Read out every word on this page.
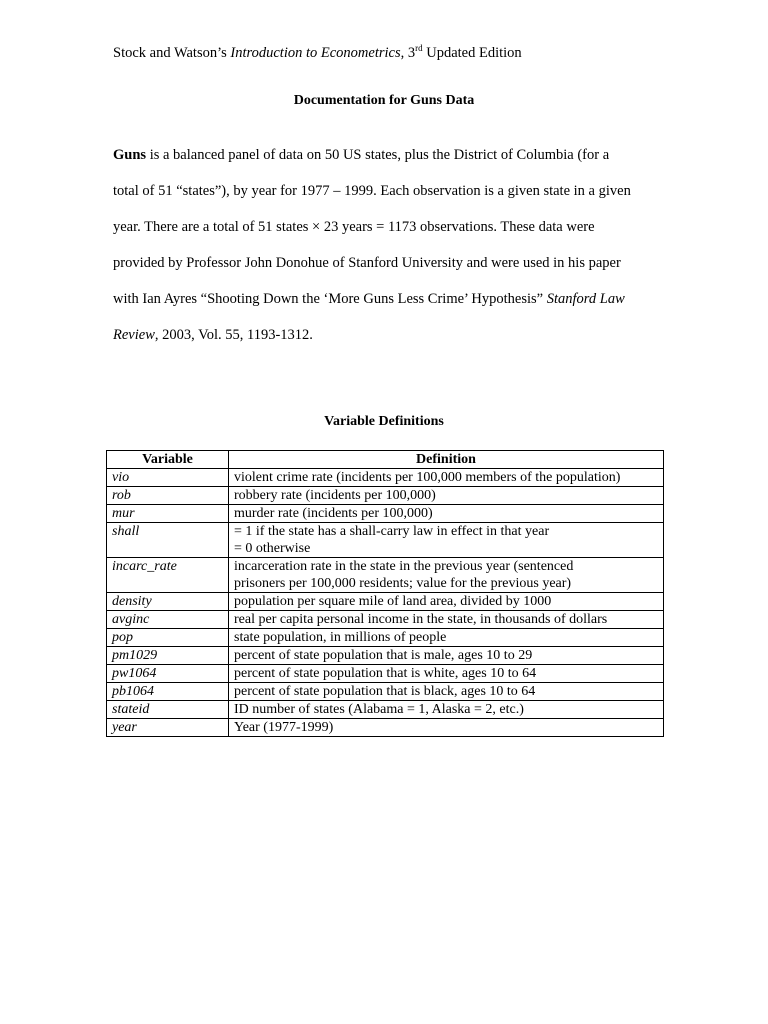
Stock and Watson’s Introduction to Econometrics, 3rd Updated Edition
Documentation for Guns Data
Guns is a balanced panel of data on 50 US states, plus the District of Columbia (for a
total of 51 “states”), by year for 1977 – 1999. Each observation is a given state in a given
year. There are a total of 51 states × 23 years = 1173 observations. These data were
provided by Professor John Donohue of Stanford University and were used in his paper
with Ian Ayres “Shooting Down the ‘More Guns Less Crime’ Hypothesis” Stanford Law
Review, 2003, Vol. 55, 1193-1312.
Variable Definitions
Variable	Definition
vio	violent crime rate (incidents per 100,000 members of the population)

rob	robbery rate (incidents per 100,000)

mur	murder rate (incidents per 100,000)

shall	= 1 if the state has a shall-carry law in effect in that year
= 0 otherwise

incarc_rate	incarceration rate in the state in the previous year (sentenced
prisoners per 100,000 residents; value for the previous year)

density	population per square mile of land area, divided by 1000

avginc	real per capita personal income in the state, in thousands of dollars

pop	state population, in millions of people

pm1029	percent of state population that is male, ages 10 to 29

pw1064	percent of state population that is white, ages 10 to 64

pb1064	percent of state population that is black, ages 10 to 64

stateid	ID number of states (Alabama = 1, Alaska = 2, etc.)

year	Year (1977-1999)
